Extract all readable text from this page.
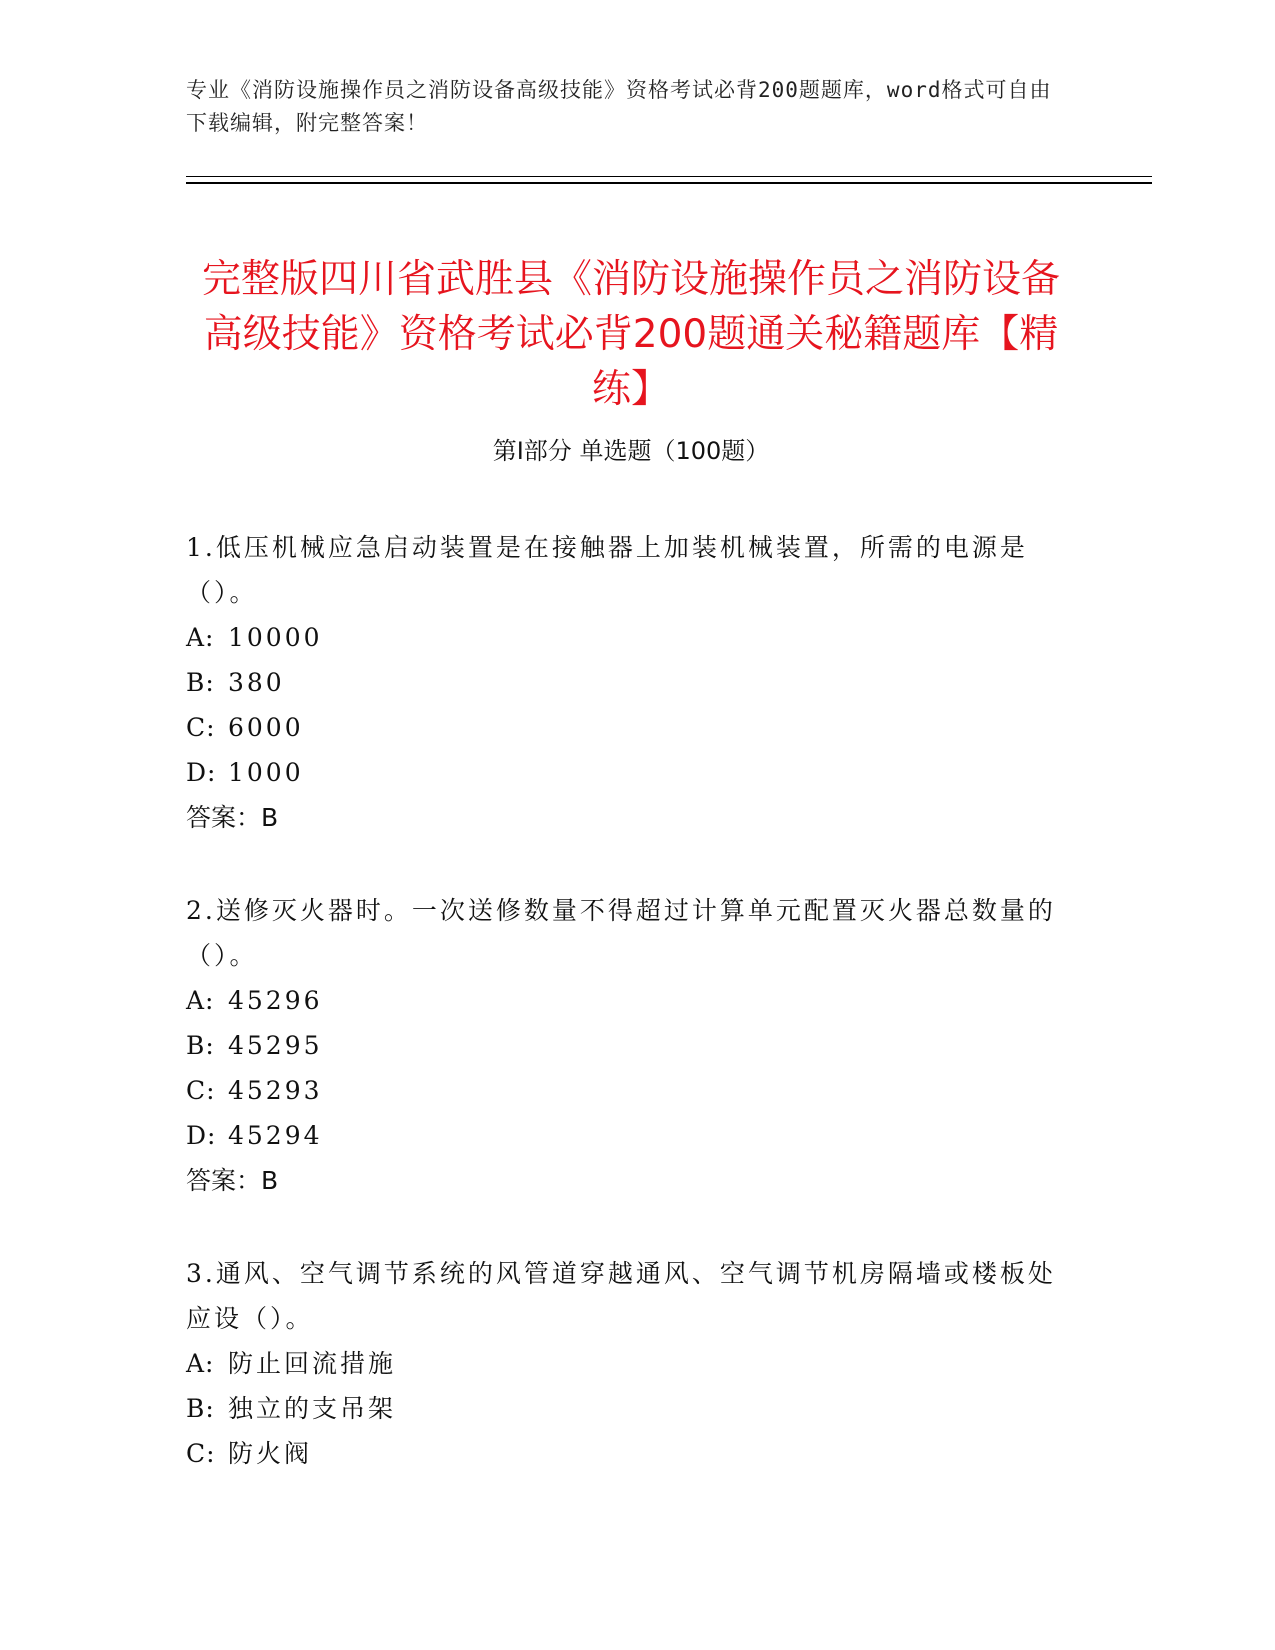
专业《消防设施操作员之消防设备高级技能》资格考试必背200题题库，word格式可自由下载编辑，附完整答案！
完整版四川省武胜县《消防设施操作员之消防设备高级技能》资格考试必背200题通关秘籍题库【精练】
第I部分 单选题（100题）
1.低压机械应急启动装置是在接触器上加装机械装置，所需的电源是（）。
A: 10000
B: 380
C: 6000
D: 1000
答案：B
2.送修灭火器时。一次送修数量不得超过计算单元配置灭火器总数量的（）。
A: 45296
B: 45295
C: 45293
D: 45294
答案：B
3.通风、空气调节系统的风管道穿越通风、空气调节机房隔墙或楼板处应设（）。
A: 防止回流措施
B: 独立的支吊架
C: 防火阀
